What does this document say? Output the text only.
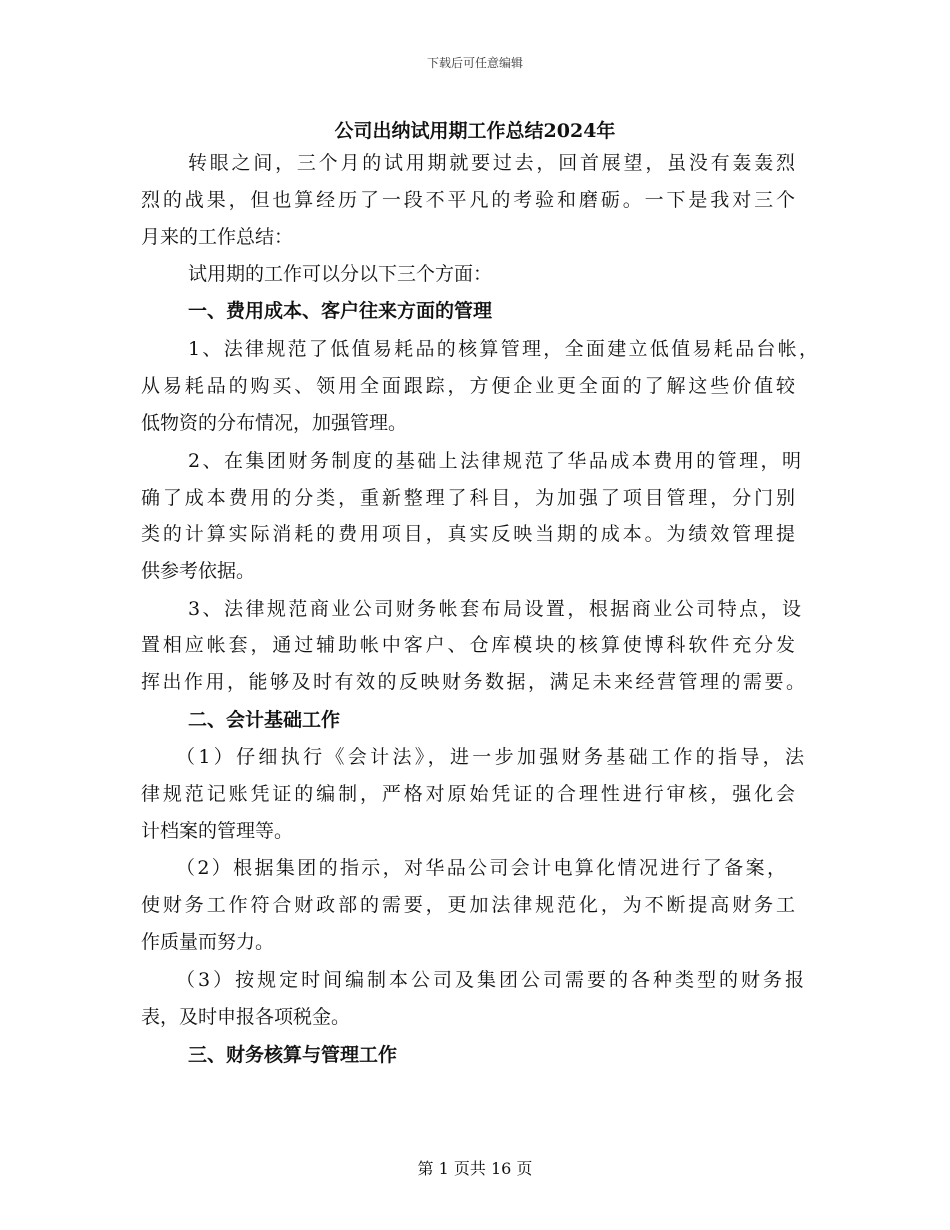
下载后可任意编辑
公司出纳试用期工作总结2024年
转眼之间，三个月的试用期就要过去，回首展望，虽没有轰轰烈
烈的战果，但也算经历了一段不平凡的考验和磨砺。一下是我对三个
月来的工作总结：
试用期的工作可以分以下三个方面：
一、费用成本、客户往来方面的管理
1、法律规范了低值易耗品的核算管理，全面建立低值易耗品台帐，
从易耗品的购买、领用全面跟踪，方便企业更全面的了解这些价值较
低物资的分布情况，加强管理。
2、在集团财务制度的基础上法律规范了华品成本费用的管理，明
确了成本费用的分类，重新整理了科目，为加强了项目管理，分门别
类的计算实际消耗的费用项目，真实反映当期的成本。为绩效管理提
供参考依据。
3、法律规范商业公司财务帐套布局设置，根据商业公司特点，设
置相应帐套，通过辅助帐中客户、仓库模块的核算使博科软件充分发
挥出作用，能够及时有效的反映财务数据，满足未来经营管理的需要。
二、会计基础工作
（1）仔细执行《会计法》，进一步加强财务基础工作的指导，法
律规范记账凭证的编制，严格对原始凭证的合理性进行审核，强化会
计档案的管理等。
（2）根据集团的指示，对华品公司会计电算化情况进行了备案，
使财务工作符合财政部的需要，更加法律规范化，为不断提高财务工
作质量而努力。
（3）按规定时间编制本公司及集团公司需要的各种类型的财务报
表，及时申报各项税金。
三、财务核算与管理工作
第 1 页共 16 页
